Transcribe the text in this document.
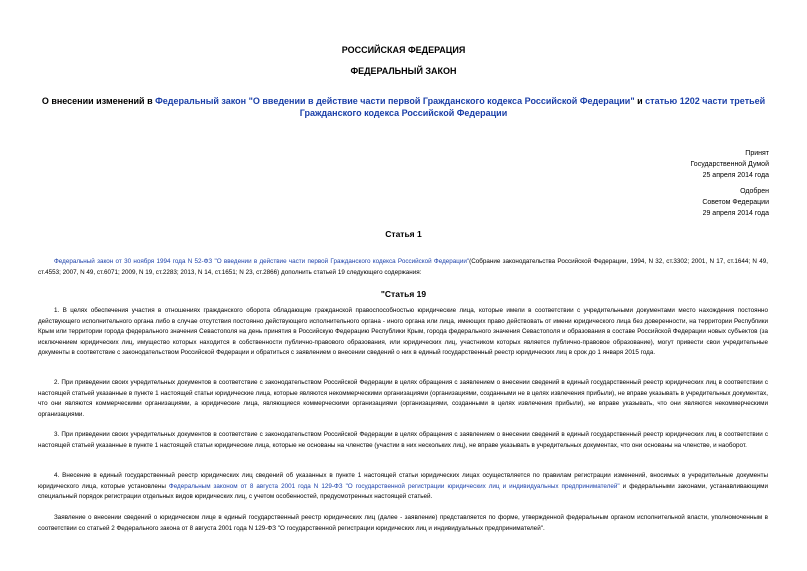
РОССИЙСКАЯ ФЕДЕРАЦИЯ
ФЕДЕРАЛЬНЫЙ ЗАКОН
О внесении изменений в Федеральный закон "О введении в действие части первой Гражданского кодекса Российской Федерации" и статью 1202 части третьей Гражданского кодекса Российской Федерации
Принят
Государственной Думой
25 апреля 2014 года
Одобрен
Советом Федерации
29 апреля 2014 года
Статья 1
Федеральный закон от 30 ноября 1994 года N 52-ФЗ "О введении в действие части первой Гражданского кодекса Российской Федерации"(Собрание законодательства Российской Федерации, 1994, N 32, ст.3302; 2001, N 17, ст.1644; N 49, ст.4553; 2007, N 49, ст.6071; 2009, N 19, ст.2283; 2013, N 14, ст.1651; N 23, ст.2866) дополнить статьей 19 следующего содержания:
"Статья 19
1. В целях обеспечения участия в отношениях гражданского оборота обладающие гражданской правоспособностью юридические лица, которые имели в соответствии с учредительными документами место нахождения постоянно действующего исполнительного органа либо в случае отсутствия постоянно действующего исполнительного органа - иного органа или лица, имеющих право действовать от имени юридического лица без доверенности, на территории Республики Крым или территории города федерального значения Севастополя на день принятия в Российскую Федерацию Республики Крым, города федерального значения Севастополя и образования в составе Российской Федерации новых субъектов (за исключением юридических лиц, имущество которых находится в собственности публично-правового образования, или юридических лиц, участником которых является публично-правовое образование), могут привести свои учредительные документы в соответствие с законодательством Российской Федерации и обратиться с заявлением о внесении сведений о них в единый государственный реестр юридических лиц в срок до 1 января 2015 года.
2. При приведении своих учредительных документов в соответствие с законодательством Российской Федерации в целях обращения с заявлением о внесении сведений в единый государственный реестр юридических лиц в соответствии с настоящей статьей указанные в пункте 1 настоящей статьи юридические лица, которые являются некоммерческими организациями (организациями, созданными не в целях извлечения прибыли), не вправе указывать в учредительных документах, что они являются коммерческими организациями, а юридические лица, являющиеся коммерческими организациями (организациями, созданными в целях извлечения прибыли), не вправе указывать, что они являются некоммерческими организациями.
3. При приведении своих учредительных документов в соответствие с законодательством Российской Федерации в целях обращения с заявлением о внесении сведений в единый государственный реестр юридических лиц в соответствии с настоящей статьей указанные в пункте 1 настоящей статьи юридические лица, которые не основаны на членстве (участии в них нескольких лиц), не вправе указывать в учредительных документах, что они основаны на членстве, и наоборот.
4. Внесение в единый государственный реестр юридических лиц сведений об указанных в пункте 1 настоящей статьи юридических лицах осуществляется по правилам регистрации изменений, вносимых в учредительные документы юридического лица, которые установлены Федеральным законом от 8 августа 2001 года N 129-ФЗ "О государственной регистрации юридических лиц и индивидуальных предпринимателей" и федеральными законами, устанавливающими специальный порядок регистрации отдельных видов юридических лиц, с учетом особенностей, предусмотренных настоящей статьей.
Заявление о внесении сведений о юридическом лице в единый государственный реестр юридических лиц (далее - заявление) представляется по форме, утвержденной федеральным органом исполнительной власти, уполномоченным в соответствии со статьей 2 Федерального закона от 8 августа 2001 года N 129-ФЗ "О государственной регистрации юридических лиц и индивидуальных предпринимателей".
